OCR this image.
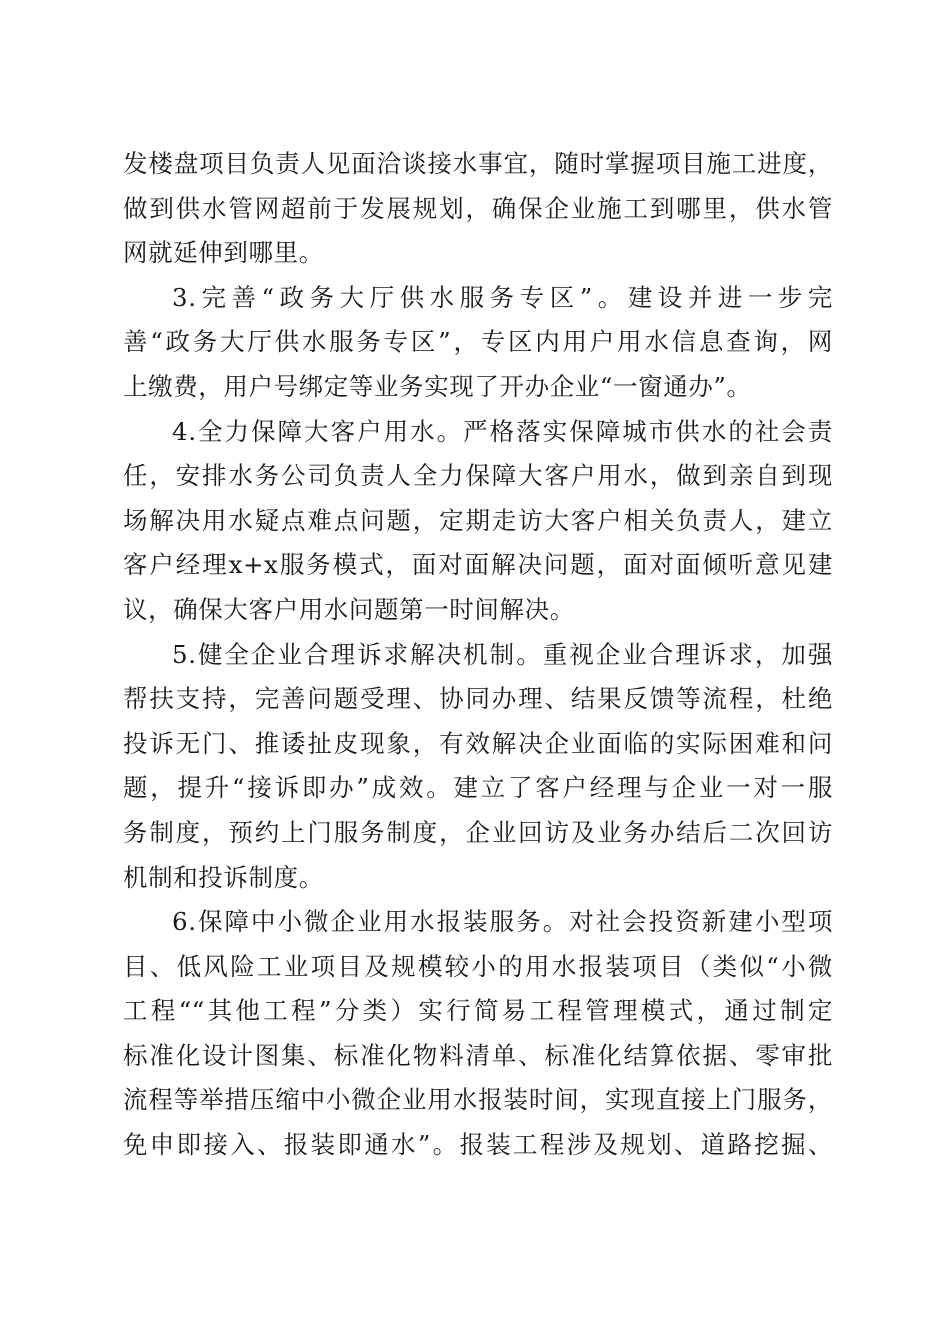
发楼盘项目负责人见面洽谈接水事宜，随时掌握项目施工进度，
做到供水管网超前于发展规划，确保企业施工到哪里，供水管
网就延伸到哪里。
3.完善“政务大厅供水服务专区”。建设并进一步完
善“政务大厅供水服务专区”，专区内用户用水信息查询，网
上缴费，用户号绑定等业务实现了开办企业“一窗通办”。
4.全力保障大客户用水。严格落实保障城市供水的社会责
任，安排水务公司负责人全力保障大客户用水，做到亲自到现
场解决用水疑点难点问题，定期走访大客户相关负责人，建立
客户经理x+x服务模式，面对面解决问题，面对面倾听意见建
议，确保大客户用水问题第一时间解决。
5.健全企业合理诉求解决机制。重视企业合理诉求，加强
帮扶支持，完善问题受理、协同办理、结果反馈等流程，杜绝
投诉无门、推诿扯皮现象，有效解决企业面临的实际困难和问
题，提升“接诉即办”成效。建立了客户经理与企业一对一服
务制度，预约上门服务制度，企业回访及业务办结后二次回访
机制和投诉制度。
6.保障中小微企业用水报装服务。对社会投资新建小型项
目、低风险工业项目及规模较小的用水报装项目（类似“小微
工程““其他工程”分类）实行简易工程管理模式，通过制定
标准化设计图集、标准化物料清单、标准化结算依据、零审批
流程等举措压缩中小微企业用水报装时间，实现直接上门服务，
免申即接入、报装即通水”。报装工程涉及规划、道路挖掘、
